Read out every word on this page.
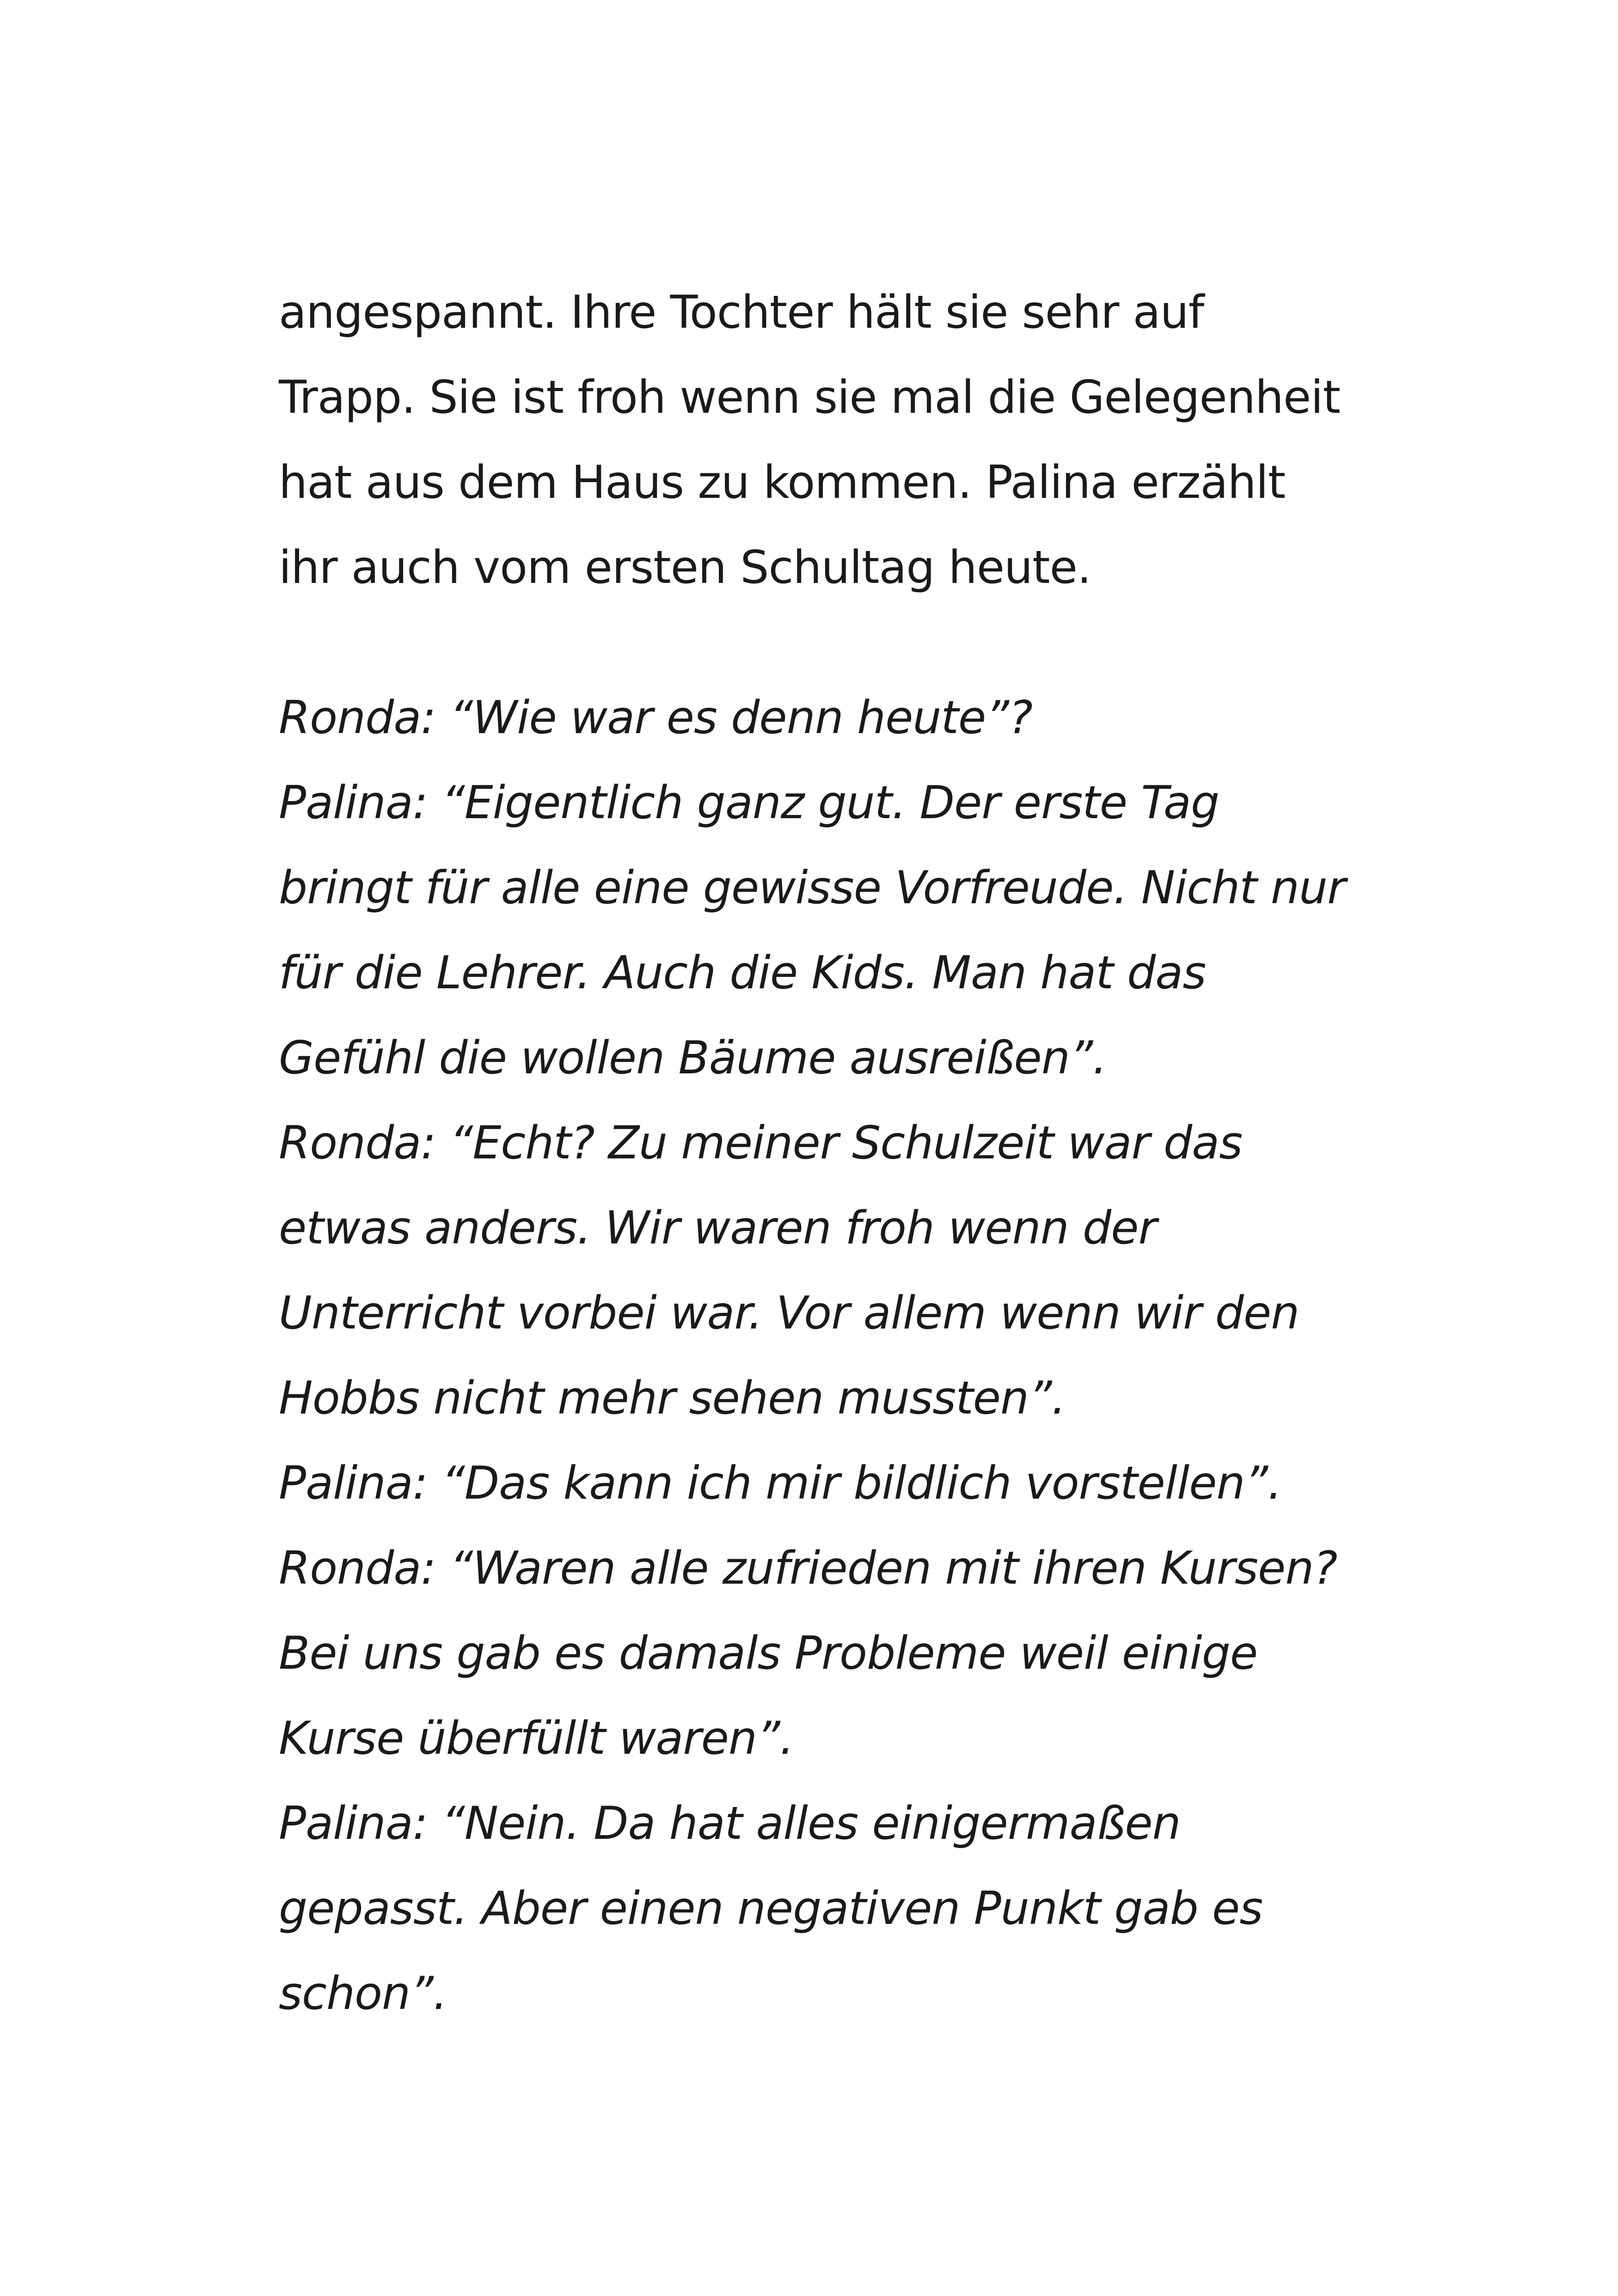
angespannt. Ihre Tochter hält sie sehr auf
Trapp. Sie ist froh wenn sie mal die Gelegenheit
hat aus dem Haus zu kommen. Palina erzählt
ihr auch vom ersten Schultag heute.
Ronda: “Wie war es denn heute”?
Palina: “Eigentlich ganz gut. Der erste Tag
bringt für alle eine gewisse Vorfreude. Nicht nur
für die Lehrer. Auch die Kids. Man hat das
Gefühl die wollen Bäume ausreißen”.
Ronda: “Echt? Zu meiner Schulzeit war das
etwas anders. Wir waren froh wenn der
Unterricht vorbei war. Vor allem wenn wir den
Hobbs nicht mehr sehen mussten”.
Palina: “Das kann ich mir bildlich vorstellen”.
Ronda: “Waren alle zufrieden mit ihren Kursen?
Bei uns gab es damals Probleme weil einige
Kurse überfüllt waren”.
Palina: “Nein. Da hat alles einigermaßen
gepasst. Aber einen negativen Punkt gab es
schon”.
